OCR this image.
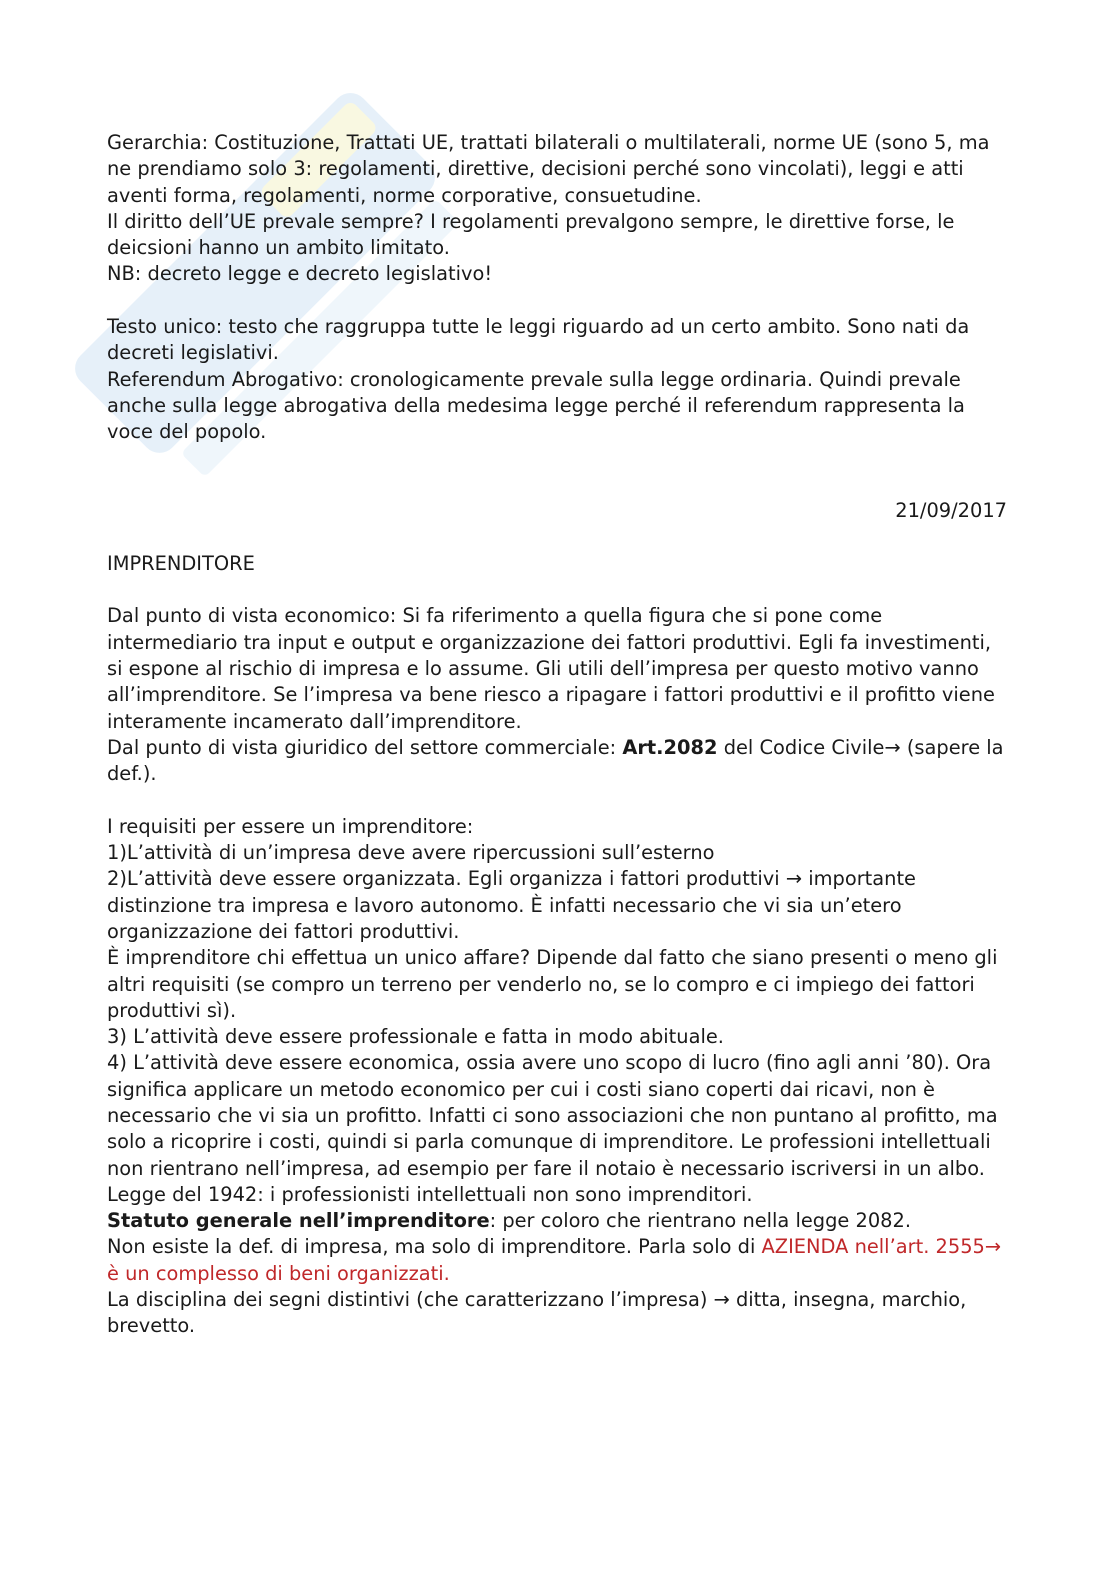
Gerarchia: Costituzione, Trattati UE, trattati bilaterali o multilaterali, norme UE (sono 5, ma ne prendiamo solo 3: regolamenti, direttive, decisioni perché sono vincolati), leggi e atti aventi forma, regolamenti, norme corporative, consuetudine.

Il diritto dell’UE prevale sempre? I regolamenti prevalgono sempre, le direttive forse, le deicsioni hanno un ambito limitato.

NB: decreto legge e decreto legislativo!

Testo unico: testo che raggruppa tutte le leggi riguardo ad un certo ambito. Sono nati da decreti legislativi.

Referendum Abrogativo: cronologicamente prevale sulla legge ordinaria. Quindi prevale anche sulla legge abrogativa della medesima legge perché il referendum rappresenta la voce del popolo.

21/09/2017

IMPRENDITORE

Dal punto di vista economico: Si fa riferimento a quella figura che si pone come intermediario tra input e output e organizzazione dei fattori produttivi. Egli fa investimenti, si espone al rischio di impresa e lo assume. Gli utili dell’impresa per questo motivo vanno all’imprenditore. Se l’impresa va bene riesco a ripagare i fattori produttivi e il profitto viene interamente incamerato dall’imprenditore.

Dal punto di vista giuridico del settore commerciale: Art.2082 del Codice Civile→ (sapere la def.).

I requisiti per essere un imprenditore:

1)L’attività di un’impresa deve avere ripercussioni sull’esterno

2)L’attività deve essere organizzata. Egli organizza i fattori produttivi → importante distinzione tra impresa e lavoro autonomo. È infatti necessario che vi sia un’etero organizzazione dei fattori produttivi.

È imprenditore chi effettua un unico affare? Dipende dal fatto che siano presenti o meno gli altri requisiti (se compro un terreno per venderlo no, se lo compro e ci impiego dei fattori produttivi sì).

3) L’attività deve essere professionale e fatta in modo abituale.

4) L’attività deve essere economica, ossia avere uno scopo di lucro (fino agli anni ’80). Ora significa applicare un metodo economico per cui i costi siano coperti dai ricavi, non è necessario che vi sia un profitto. Infatti ci sono associazioni che non puntano al profitto, ma solo a ricoprire i costi, quindi si parla comunque di imprenditore. Le professioni intellettuali non rientrano nell’impresa, ad esempio per fare il notaio è necessario iscriversi in un albo.

Legge del 1942: i professionisti intellettuali non sono imprenditori.

Statuto generale nell’imprenditore: per coloro che rientrano nella legge 2082.

Non esiste la def. di impresa, ma solo di imprenditore. Parla solo di AZIENDA nell’art. 2555→ è un complesso di beni organizzati.

La disciplina dei segni distintivi (che caratterizzano l’impresa) → ditta, insegna, marchio, brevetto.
